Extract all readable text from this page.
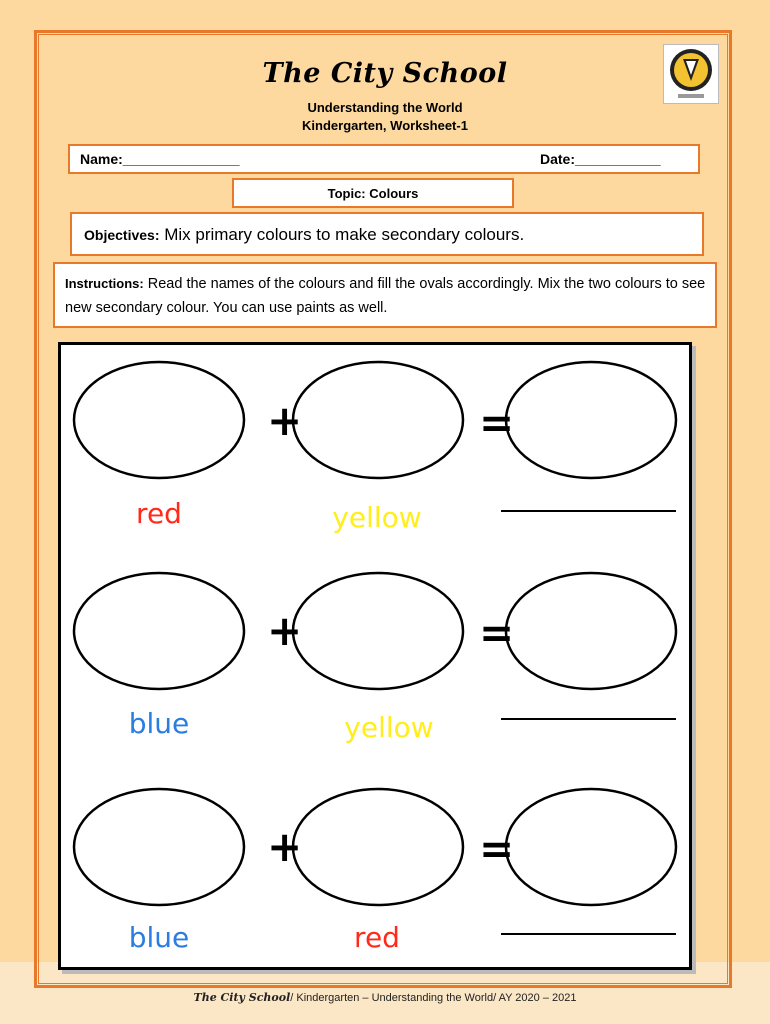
The City School
Understanding the World
Kindergarten, Worksheet-1
Name:_______________	Date:___________
Topic: Colours
Objectives: Mix primary colours to make secondary colours.
Instructions: Read the names of the colours and fill the ovals accordingly. Mix the two colours to see new secondary colour. You can use paints as well.
+	=
+	=
+	=
red	yellow
blue	yellow
blue	red
The City School/ Kindergarten – Understanding the World/ AY 2020 – 2021
